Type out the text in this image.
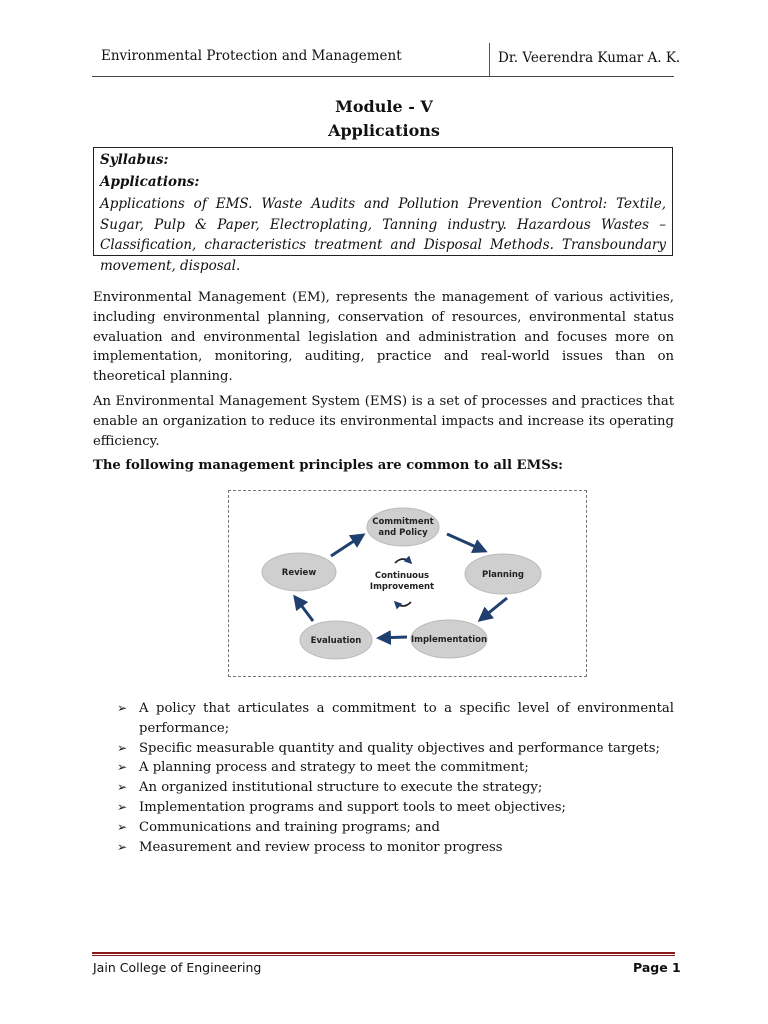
Environmental Protection and Management	Dr. Veerendra Kumar A. K.
Module - V
Applications
Syllabus:
Applications:
Applications of EMS. Waste Audits and Pollution Prevention Control: Textile, Sugar, Pulp & Paper, Electroplating, Tanning industry. Hazardous Wastes – Classification, characteristics treatment and Disposal Methods. Transboundary movement, disposal.
Environmental Management (EM), represents the management of various activities, including environmental planning, conservation of resources, environmental status evaluation and environmental legislation and administration and focuses more on implementation, monitoring, auditing, practice and real-world issues than on theoretical planning.
An Environmental Management System (EMS) is a set of processes and practices that enable an organization to reduce its environmental impacts and increase its operating efficiency.
The following management principles are common to all EMSs:
Commitment
and Policy
Planning
Implementation
Evaluation
Review	Continuous
Improvement
➢ A policy that articulates a commitment to a specific level of environmental performance;
➢ Specific measurable quantity and quality objectives and performance targets;
➢ A planning process and strategy to meet the commitment;
➢ An organized institutional structure to execute the strategy;
➢ Implementation programs and support tools to meet objectives;
➢ Communications and training programs; and
➢ Measurement and review process to monitor progress
Jain College of Engineering	Page 1
